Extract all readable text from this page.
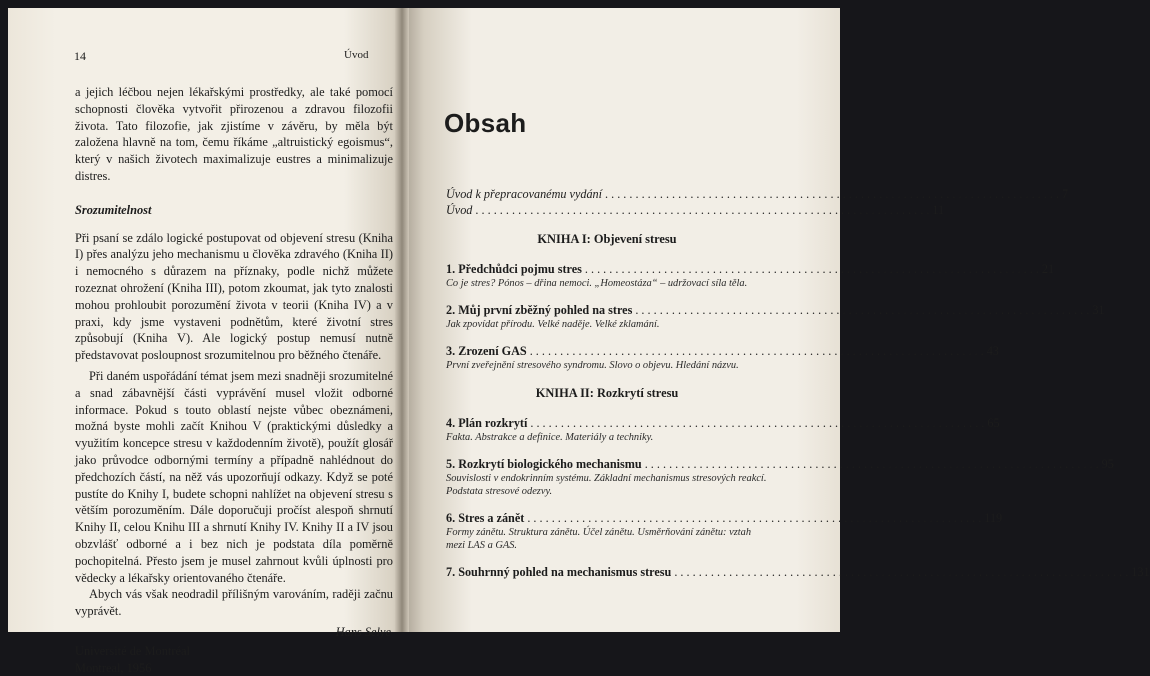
14	Úvod

a jejich léčbou nejen lékařskými prostředky, ale také pomocí schopnosti člověka vytvořit přirozenou a zdravou filozofii života. Tato filozofie, jak zjistíme v závěru, by měla být založena hlavně na tom, čemu říkáme „altruistický egoismus“, který v našich životech maximalizuje eustres a minimalizuje distres.

Srozumitelnost

Při psaní se zdálo logické postupovat od objevení stresu (Kniha I) přes analýzu jeho mechanismu u člověka zdravého (Kniha II) i nemocného s důrazem na příznaky, podle nichž můžete rozeznat ohrožení (Kniha III), potom zkoumat, jak tyto znalosti mohou prohloubit porozumění života v teorii (Kniha IV) a v praxi, kdy jsme vystaveni podnětům, které životní stres způsobují (Kniha V). Ale logický postup nemusí nutně představovat posloupnost srozumitelnou pro běžného čtenáře.

Při daném uspořádání témat jsem mezi snadněji srozumitelné a snad zábavnější části vyprávění musel vložit odborné informace. Pokud s touto oblastí nejste vůbec obeznámeni, možná byste mohli začít Knihou V (praktickými důsledky a využitím koncepce stresu v každodenním životě), použít glosář jako průvodce odbornými termíny a případně nahlédnout do předchozích částí, na něž vás upozorňují odkazy. Když se poté pustíte do Knihy I, budete schopni nahlížet na objevení stresu s větším porozuměním. Dále doporučuji pročíst alespoň shrnutí Knihy II, celou Knihu III a shrnutí Knihy IV. Knihy II a IV jsou obzvlášť odborné a i bez nich je podstata díla poměrně pochopitelná. Přesto jsem je musel zahrnout kvůli úplnosti pro vědecky a lékařsky orientovaného čtenáře.

Abych vás však neodradil přílišným varováním, raději začnu vyprávět.

Hans Selye

Université de Montréal

Montreal, 1956

Obsah
Úvod k přepracovanému vydání . . .	7
Úvod . . .	11
KNIHA I: Objevení stresu
1. Předchůdci pojmu stres . . .	21
Co je stres? Pónos – dřina nemoci. „Homeostáza“ – udržovací síla těla.
2. Můj první zběžný pohled na stres . . .	31
Jak zpovídat přírodu. Velké naděje. Velké zklamání.
3. Zrození GAS . . .	43
První zveřejnění stresového syndromu. Slovo o objevu. Hledání názvu.
KNIHA II: Rozkrytí stresu
4. Plán rozkrytí . . .	65
Fakta. Abstrakce a definice. Materiály a techniky.
5. Rozkrytí biologického mechanismu . . .	95
Souvislosti v endokrinním systému. Základní mechanismus stresových reakcí. Podstata stresové odezvy.
6. Stres a zánět . . .	119
Formy zánětu. Struktura zánětu. Účel zánětu. Usměrňování zánětu: vztah mezi LAS a GAS.
7. Souhrnný pohled na mechanismus stresu . . .	131
